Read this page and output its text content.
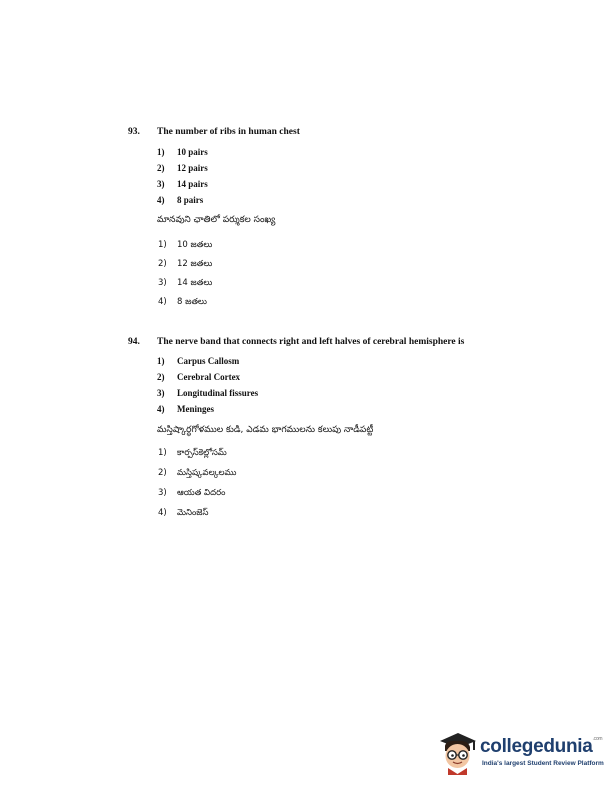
93. The number of ribs in human chest
1) 10 pairs
2) 12 pairs
3) 14 pairs
4) 8 pairs
మానవుని ఛాతిలో పర్శుకల సంఖ్య
1) 10 జతలు
2) 12 జతలు
3) 14 జతలు
4) 8 జతలు
94. The nerve band that connects right and left halves of cerebral hemisphere is
1) Carpus Callosm
2) Cerebral Cortex
3) Longitudinal fissures
4) Meninges
మస్తిష్కార్ధగోళముల కుడి, ఎడమ భాగములను కలుపు నాడీపట్టీ
1) కార్పస్‌కెల్లోసమ్
2) మస్తిష్కవల్కలము
3) ఆయత విదరం
4) మెనింజెస్
collegedunia$^{.com}$
India's largest Student Review Platform
